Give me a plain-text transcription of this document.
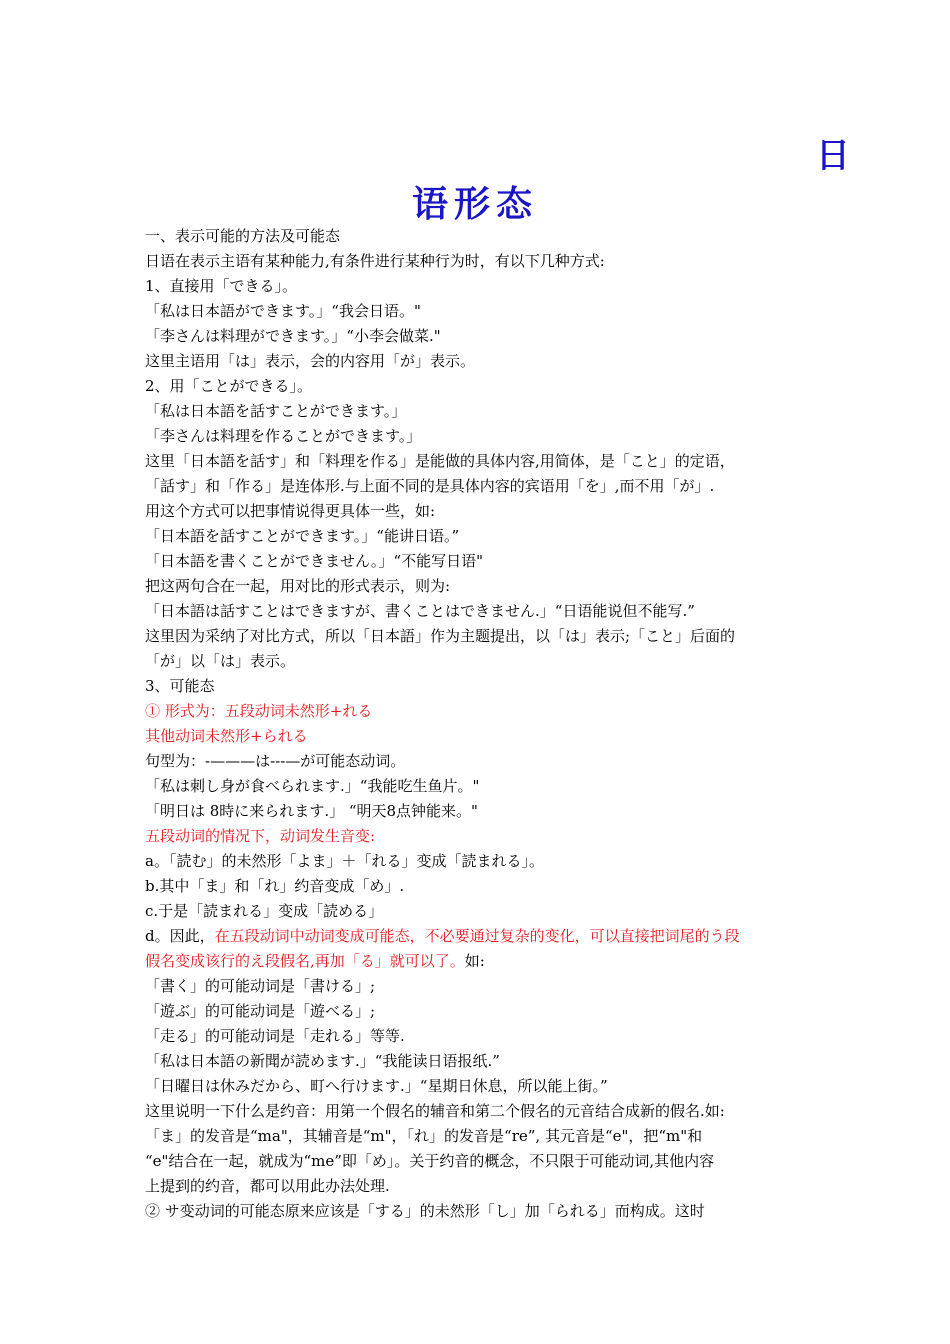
日
语形态
一、表示可能的方法及可能态
日语在表示主语有某种能力,有条件进行某种行为时，有以下几种方式:
1、直接用「できる」。
「私は日本語ができます。」“我会日语。"
「李さんは料理ができます。」“小李会做菜."
这里主语用「は」表示，会的内容用「が」表示。
2、用「ことができる」。
「私は日本語を話すことができます。」
「李さんは料理を作ることができます。」
这里「日本語を話す」和「料理を作る」是能做的具体内容,用简体，是「こと」的定语，
「話す」和「作る」是连体形.与上面不同的是具体内容的宾语用「を」,而不用「が」.
用这个方式可以把事情说得更具体一些，如:
「日本語を話すことができます。」“能讲日语。”
「日本語を書くことができません。」“不能写日语"
把这两句合在一起，用对比的形式表示，则为:
「日本語は話すことはできますが、書くことはできません.」“日语能说但不能写.”
这里因为采纳了对比方式，所以「日本語」作为主题提出，以「は」表示;「こと」后面的
「が」以「は」表示。
3、可能态
① 形式为：五段动词未然形+れる
其他动词未然形+られる
句型为：-———は---—が可能态动词。
「私は刺し身が食べられます.」“我能吃生鱼片。"
「明日は 8時に来られます.」 “明天8点钟能来。"
五段动词的情况下，动词发生音变:
a。「読む」的未然形「よま」＋「れる」变成「読まれる」。
b.其中「ま」和「れ」约音变成「め」.
c.于是「読まれる」变成「読める」
d。因此，在五段动词中动词变成可能态，不必要通过复杂的变化，可以直接把词尾的う段
假名变成该行的え段假名,再加「る」就可以了。如:
「書く」的可能动词是「書ける」;
「遊ぶ」的可能动词是「遊べる」;
「走る」的可能动词是「走れる」等等.
「私は日本語の新聞が読めます.」“我能读日语报纸.”
「日曜日は休みだから、町へ行けます.」“星期日休息，所以能上街。”
这里说明一下什么是约音：用第一个假名的辅音和第二个假名的元音结合成新的假名.如:
「ま」的发音是“ma"，其辅音是“m"，「れ」的发音是“re”, 其元音是“e"，把“m"和
“e"结合在一起，就成为“me”即「め」。关于约音的概念，不只限于可能动词,其他内容
上提到的约音，都可以用此办法处理.
② サ变动词的可能态原来应该是「する」的未然形「し」加「られる」而构成。这时
